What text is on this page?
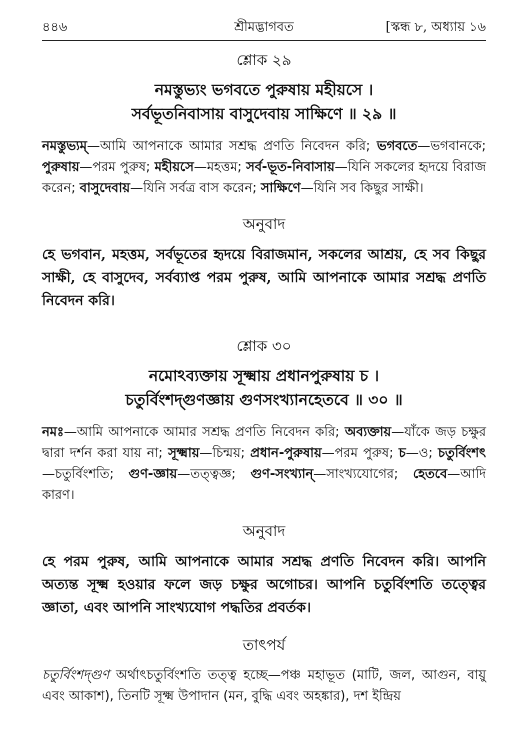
৪৪৬	শ্রীমদ্ভাগবত	[স্কন্ধ ৮, অধ্যায় ১৬
শ্লোক ২৯
নমস্তুভ্যং ভগবতে পুরুষায় মহীয়সে ।
সর্বভূতনিবাসায় বাসুদেবায় সাক্ষিণে ॥ ২৯ ॥
নমস্তুভ্যম্—আমি আপনাকে আমার সশ্রদ্ধ প্রণতি নিবেদন করি; ভগবতে—ভগবানকে; পুরুষায়—পরম পুরুষ; মহীয়সে—মহত্তম; সর্ব-ভূত-নিবাসায়—যিনি সকলের হৃদয়ে বিরাজ করেন; বাসুদেবায়—যিনি সর্বত্র বাস করেন; সাক্ষিণে—যিনি সব কিছুর সাক্ষী।
অনুবাদ
হে ভগবান, মহত্তম, সর্বভূতের হৃদয়ে বিরাজমান, সকলের আশ্রয়, হে সব কিছুর সাক্ষী, হে বাসুদেব, সর্বব্যাপ্ত পরম পুরুষ, আমি আপনাকে আমার সশ্রদ্ধ প্রণতি নিবেদন করি।
শ্লোক ৩০
নমোঽব্যক্তায় সূক্ষ্মায় প্রধানপুরুষায় চ ।
চতুর্বিংশদ্‌গুণজ্ঞায় গুণসংখ্যানহেতবে ॥ ৩০ ॥
নমঃ—আমি আপনাকে আমার সশ্রদ্ধ প্রণতি নিবেদন করি; অব্যক্তায়—যাঁকে জড় চক্ষুর দ্বারা দর্শন করা যায় না; সূক্ষ্মায়—চিন্ময়; প্রধান-পুরুষায়—পরম পুরুষ; চ—ও; চতুর্বিংশৎ—চতুর্বিংশতি; গুণ-জ্ঞায়—তত্ত্বজ্ঞ; গুণ-সংখ্যান্—সাংখ্যযোগের; হেতবে—আদি কারণ।
অনুবাদ
হে পরম পুরুষ, আমি আপনাকে আমার সশ্রদ্ধ প্রণতি নিবেদন করি। আপনি অত্যন্ত সূক্ষ্ম হওয়ার ফলে জড় চক্ষুর অগোচর। আপনি চতুর্বিংশতি তত্ত্বের জ্ঞাতা, এবং আপনি সাংখ্যযোগ পদ্ধতির প্রবর্তক।
তাৎপর্য
চতুর্বিংশদ্‌গুণ অর্থাৎচতুর্বিংশতি তত্ত্ব হচ্ছে—পঞ্চ মহাভূত (মাটি, জল, আগুন, বায়ু এবং আকাশ), তিনটি সূক্ষ্ম উপাদান (মন, বুদ্ধি এবং অহঙ্কার), দশ ইন্দ্রিয়
